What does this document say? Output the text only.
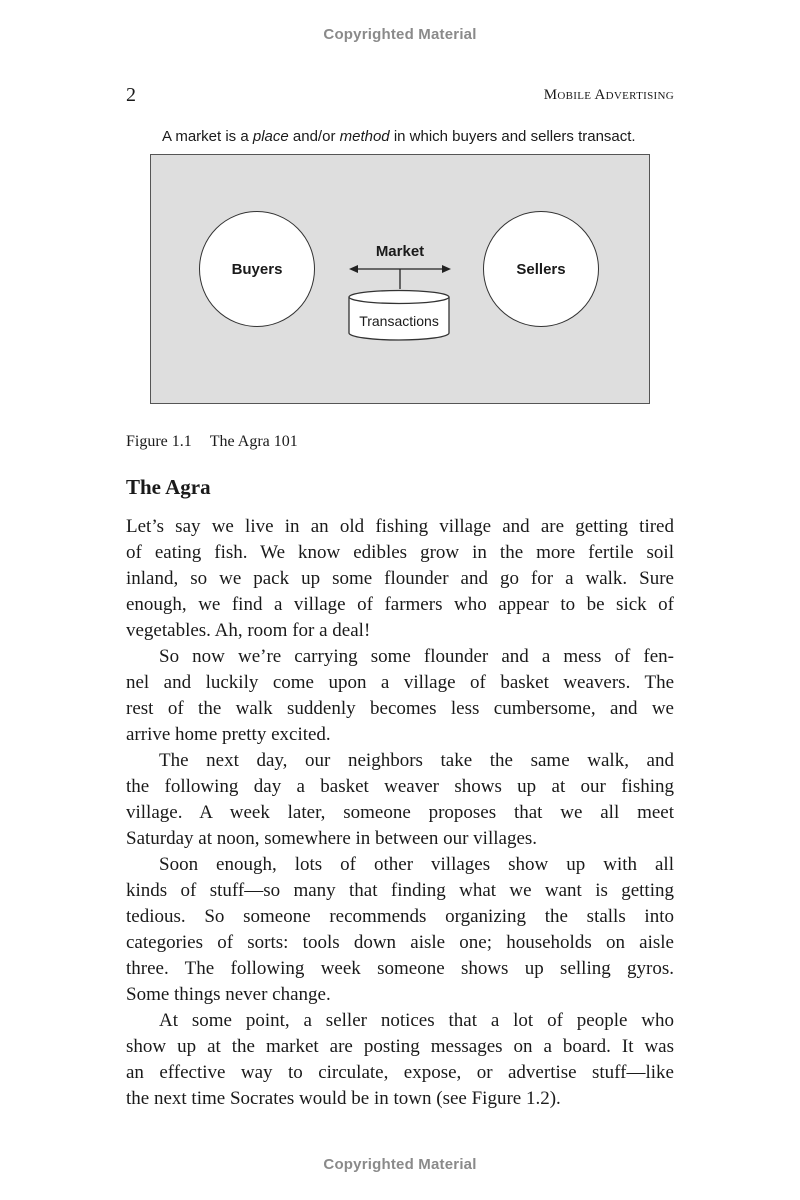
Copyrighted Material
2	Mobile Advertising
A market is a place and/or method in which buyers and sellers transact.
Buyers
Market
Transactions
Sellers
Figure 1.1 The Agra 101
The Agra
Let’s say we live in an old fishing village and are getting tired
of eating fish. We know edibles grow in the more fertile soil
inland, so we pack up some flounder and go for a walk. Sure
enough, we find a village of farmers who appear to be sick of
vegetables. Ah, room for a deal!
So now we’re carrying some flounder and a mess of fen-
nel and luckily come upon a village of basket weavers. The
rest of the walk suddenly becomes less cumbersome, and we
arrive home pretty excited.
The next day, our neighbors take the same walk, and
the following day a basket weaver shows up at our fishing
village. A week later, someone proposes that we all meet
Saturday at noon, somewhere in between our villages.
Soon enough, lots of other villages show up with all
kinds of stuff—so many that finding what we want is getting
tedious. So someone recommends organizing the stalls into
categories of sorts: tools down aisle one; households on aisle
three. The following week someone shows up selling gyros.
Some things never change.
At some point, a seller notices that a lot of people who
show up at the market are posting messages on a board. It was
an effective way to circulate, expose, or advertise stuff—like
the next time Socrates would be in town (see Figure 1.2).
Copyrighted Material
